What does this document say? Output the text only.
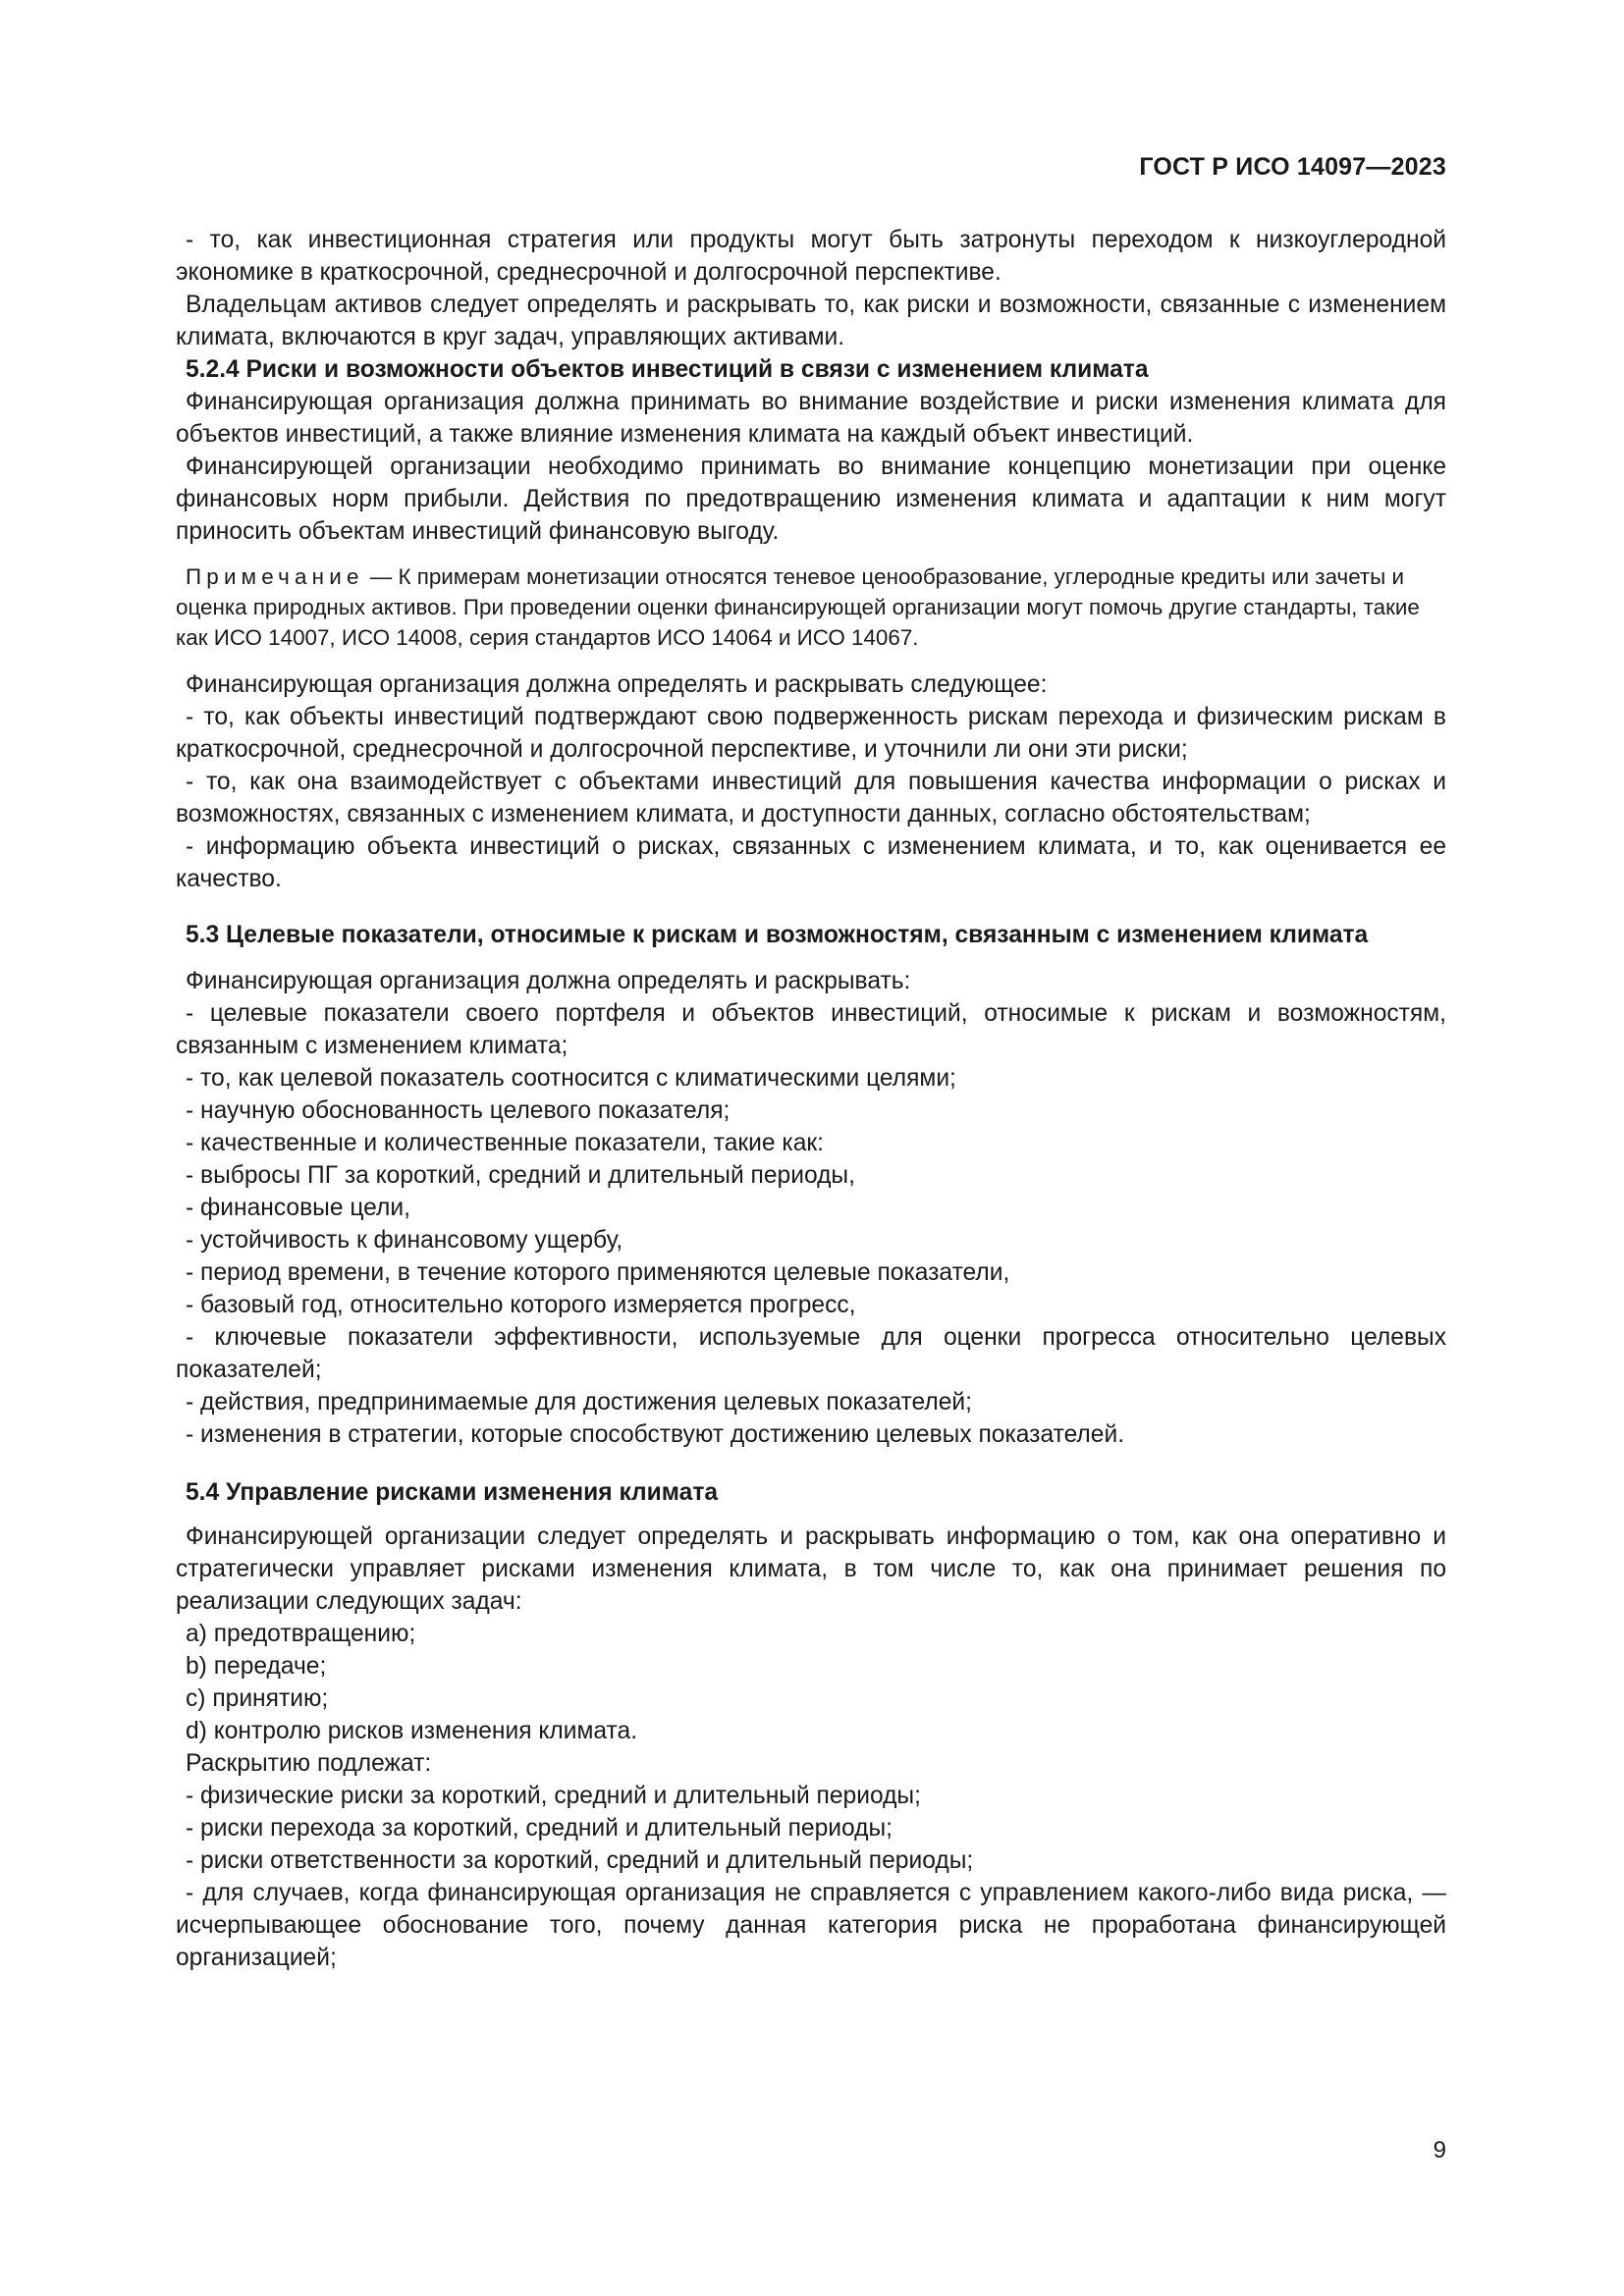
ГОСТ Р ИСО 14097—2023

- то, как инвестиционная стратегия или продукты могут быть затронуты переходом к низкоуглеродной экономике в краткосрочной, среднесрочной и долгосрочной перспективе.

Владельцам активов следует определять и раскрывать то, как риски и возможности, связанные с изменением климата, включаются в круг задач, управляющих активами.

5.2.4 Риски и возможности объектов инвестиций в связи с изменением климата

Финансирующая организация должна принимать во внимание воздействие и риски изменения климата для объектов инвестиций, а также влияние изменения климата на каждый объект инвестиций.

Финансирующей организации необходимо принимать во внимание концепцию монетизации при оценке финансовых норм прибыли. Действия по предотвращению изменения климата и адаптации к ним могут приносить объектам инвестиций финансовую выгоду.

Примечание — К примерам монетизации относятся теневое ценообразование, углеродные кредиты или зачеты и оценка природных активов. При проведении оценки финансирующей организации могут помочь другие стандарты, такие как ИСО 14007, ИСО 14008, серия стандартов ИСО 14064 и ИСО 14067.

Финансирующая организация должна определять и раскрывать следующее:

- то, как объекты инвестиций подтверждают свою подверженность рискам перехода и физическим рискам в краткосрочной, среднесрочной и долгосрочной перспективе, и уточнили ли они эти риски;

- то, как она взаимодействует с объектами инвестиций для повышения качества информации о рисках и возможностях, связанных с изменением климата, и доступности данных, согласно обстоятельствам;

- информацию объекта инвестиций о рисках, связанных с изменением климата, и то, как оценивается ее качество.

5.3 Целевые показатели, относимые к рискам и возможностям, связанным с изменением климата

Финансирующая организация должна определять и раскрывать:

- целевые показатели своего портфеля и объектов инвестиций, относимые к рискам и возможностям, связанным с изменением климата;

- то, как целевой показатель соотносится с климатическими целями;

- научную обоснованность целевого показателя;

- качественные и количественные показатели, такие как:

- выбросы ПГ за короткий, средний и длительный периоды,

- финансовые цели,

- устойчивость к финансовому ущербу,

- период времени, в течение которого применяются целевые показатели,

- базовый год, относительно которого измеряется прогресс,

- ключевые показатели эффективности, используемые для оценки прогресса относительно целевых показателей;

- действия, предпринимаемые для достижения целевых показателей;

- изменения в стратегии, которые способствуют достижению целевых показателей.

5.4 Управление рисками изменения климата

Финансирующей организации следует определять и раскрывать информацию о том, как она оперативно и стратегически управляет рисками изменения климата, в том числе то, как она принимает решения по реализации следующих задач:

a) предотвращению;

b) передаче;

c) принятию;

d) контролю рисков изменения климата.

Раскрытию подлежат:

- физические риски за короткий, средний и длительный периоды;

- риски перехода за короткий, средний и длительный периоды;

- риски ответственности за короткий, средний и длительный периоды;

- для случаев, когда финансирующая организация не справляется с управлением какого-либо вида риска, — исчерпывающее обоснование того, почему данная категория риска не проработана финансирующей организацией;

9
